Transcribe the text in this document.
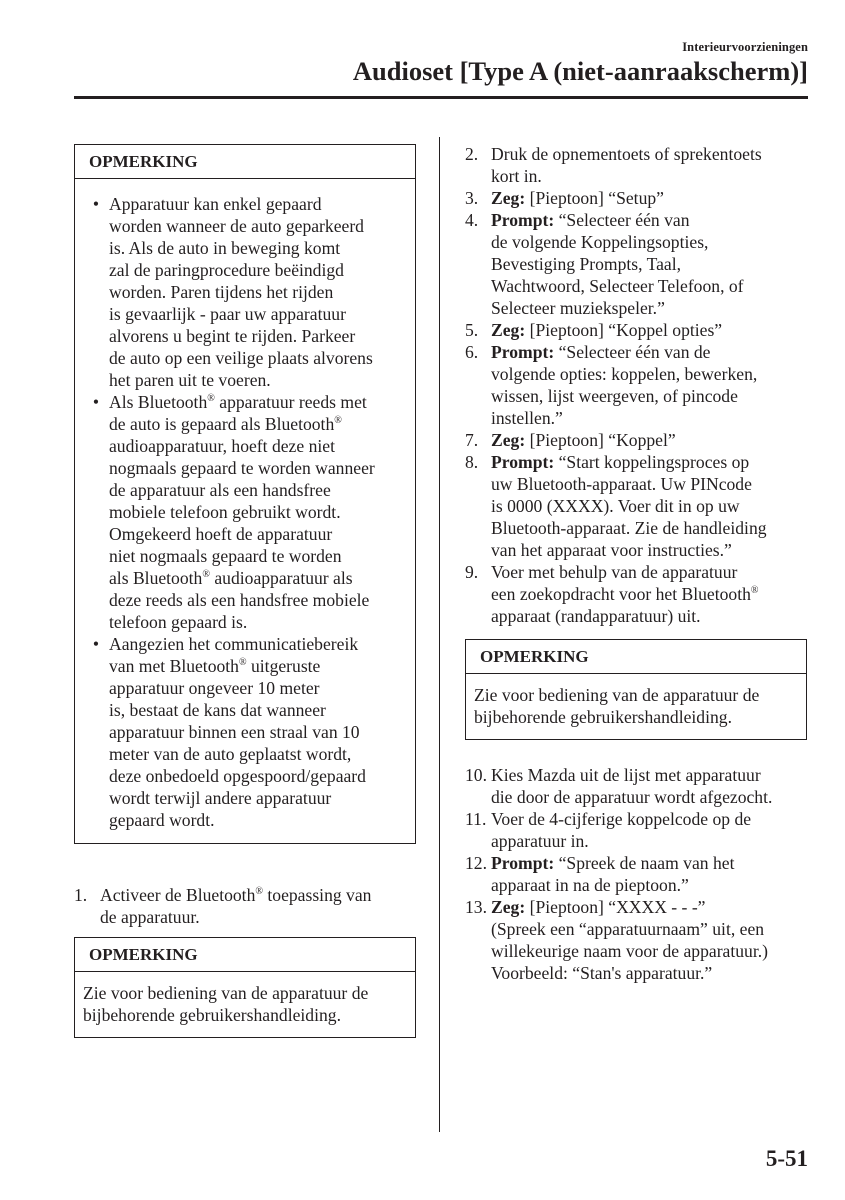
Interieurvoorzieningen
Audioset [Type A (niet-aanraakscherm)]
OPMERKING
• Apparatuur kan enkel gepaard
worden wanneer de auto geparkeerd
is. Als de auto in beweging komt
zal de paringprocedure beëindigd
worden. Paren tijdens het rijden
is gevaarlijk - paar uw apparatuur
alvorens u begint te rijden. Parkeer
de auto op een veilige plaats alvorens
het paren uit te voeren.
• Als Bluetooth® apparatuur reeds met
de auto is gepaard als Bluetooth®
audioapparatuur, hoeft deze niet
nogmaals gepaard te worden wanneer
de apparatuur als een handsfree
mobiele telefoon gebruikt wordt.
Omgekeerd hoeft de apparatuur
niet nogmaals gepaard te worden
als Bluetooth® audioapparatuur als
deze reeds als een handsfree mobiele
telefoon gepaard is.
• Aangezien het communicatiebereik
van met Bluetooth® uitgeruste
apparatuur ongeveer 10 meter
is, bestaat de kans dat wanneer
apparatuur binnen een straal van 10
meter van de auto geplaatst wordt,
deze onbedoeld opgespoord/gepaard
wordt terwijl andere apparatuur
gepaard wordt.
1. Activeer de Bluetooth® toepassing van
de apparatuur.
OPMERKING
Zie voor bediening van de apparatuur de bijbehorende gebruikershandleiding.
2. Druk de opnementoets of sprekentoets
kort in.
3. Zeg: [Pieptoon] “Setup”
4. Prompt: “Selecteer één van
de volgende Koppelingsopties,
Bevestiging Prompts, Taal,
Wachtwoord, Selecteer Telefoon, of
Selecteer muziekspeler.”
5. Zeg: [Pieptoon] “Koppel opties”
6. Prompt: “Selecteer één van de
volgende opties: koppelen, bewerken,
wissen, lijst weergeven, of pincode
instellen.”
7. Zeg: [Pieptoon] “Koppel”
8. Prompt: “Start koppelingsproces op
uw Bluetooth-apparaat. Uw PINcode
is 0000 (XXXX). Voer dit in op uw
Bluetooth-apparaat. Zie de handleiding
van het apparaat voor instructies.”
9. Voer met behulp van de apparatuur
een zoekopdracht voor het Bluetooth®
apparaat (randapparatuur) uit.
OPMERKING
Zie voor bediening van de apparatuur de bijbehorende gebruikershandleiding.
10. Kies Mazda uit de lijst met apparatuur
die door de apparatuur wordt afgezocht.
11. Voer de 4-cijferige koppelcode op de
apparatuur in.
12. Prompt: “Spreek de naam van het
apparaat in na de pieptoon.”
13. Zeg: [Pieptoon] “XXXX - - -”
(Spreek een “apparatuurnaam” uit, een
willekeurige naam voor de apparatuur.)
Voorbeeld: “Stan's apparatuur.”
5-51
